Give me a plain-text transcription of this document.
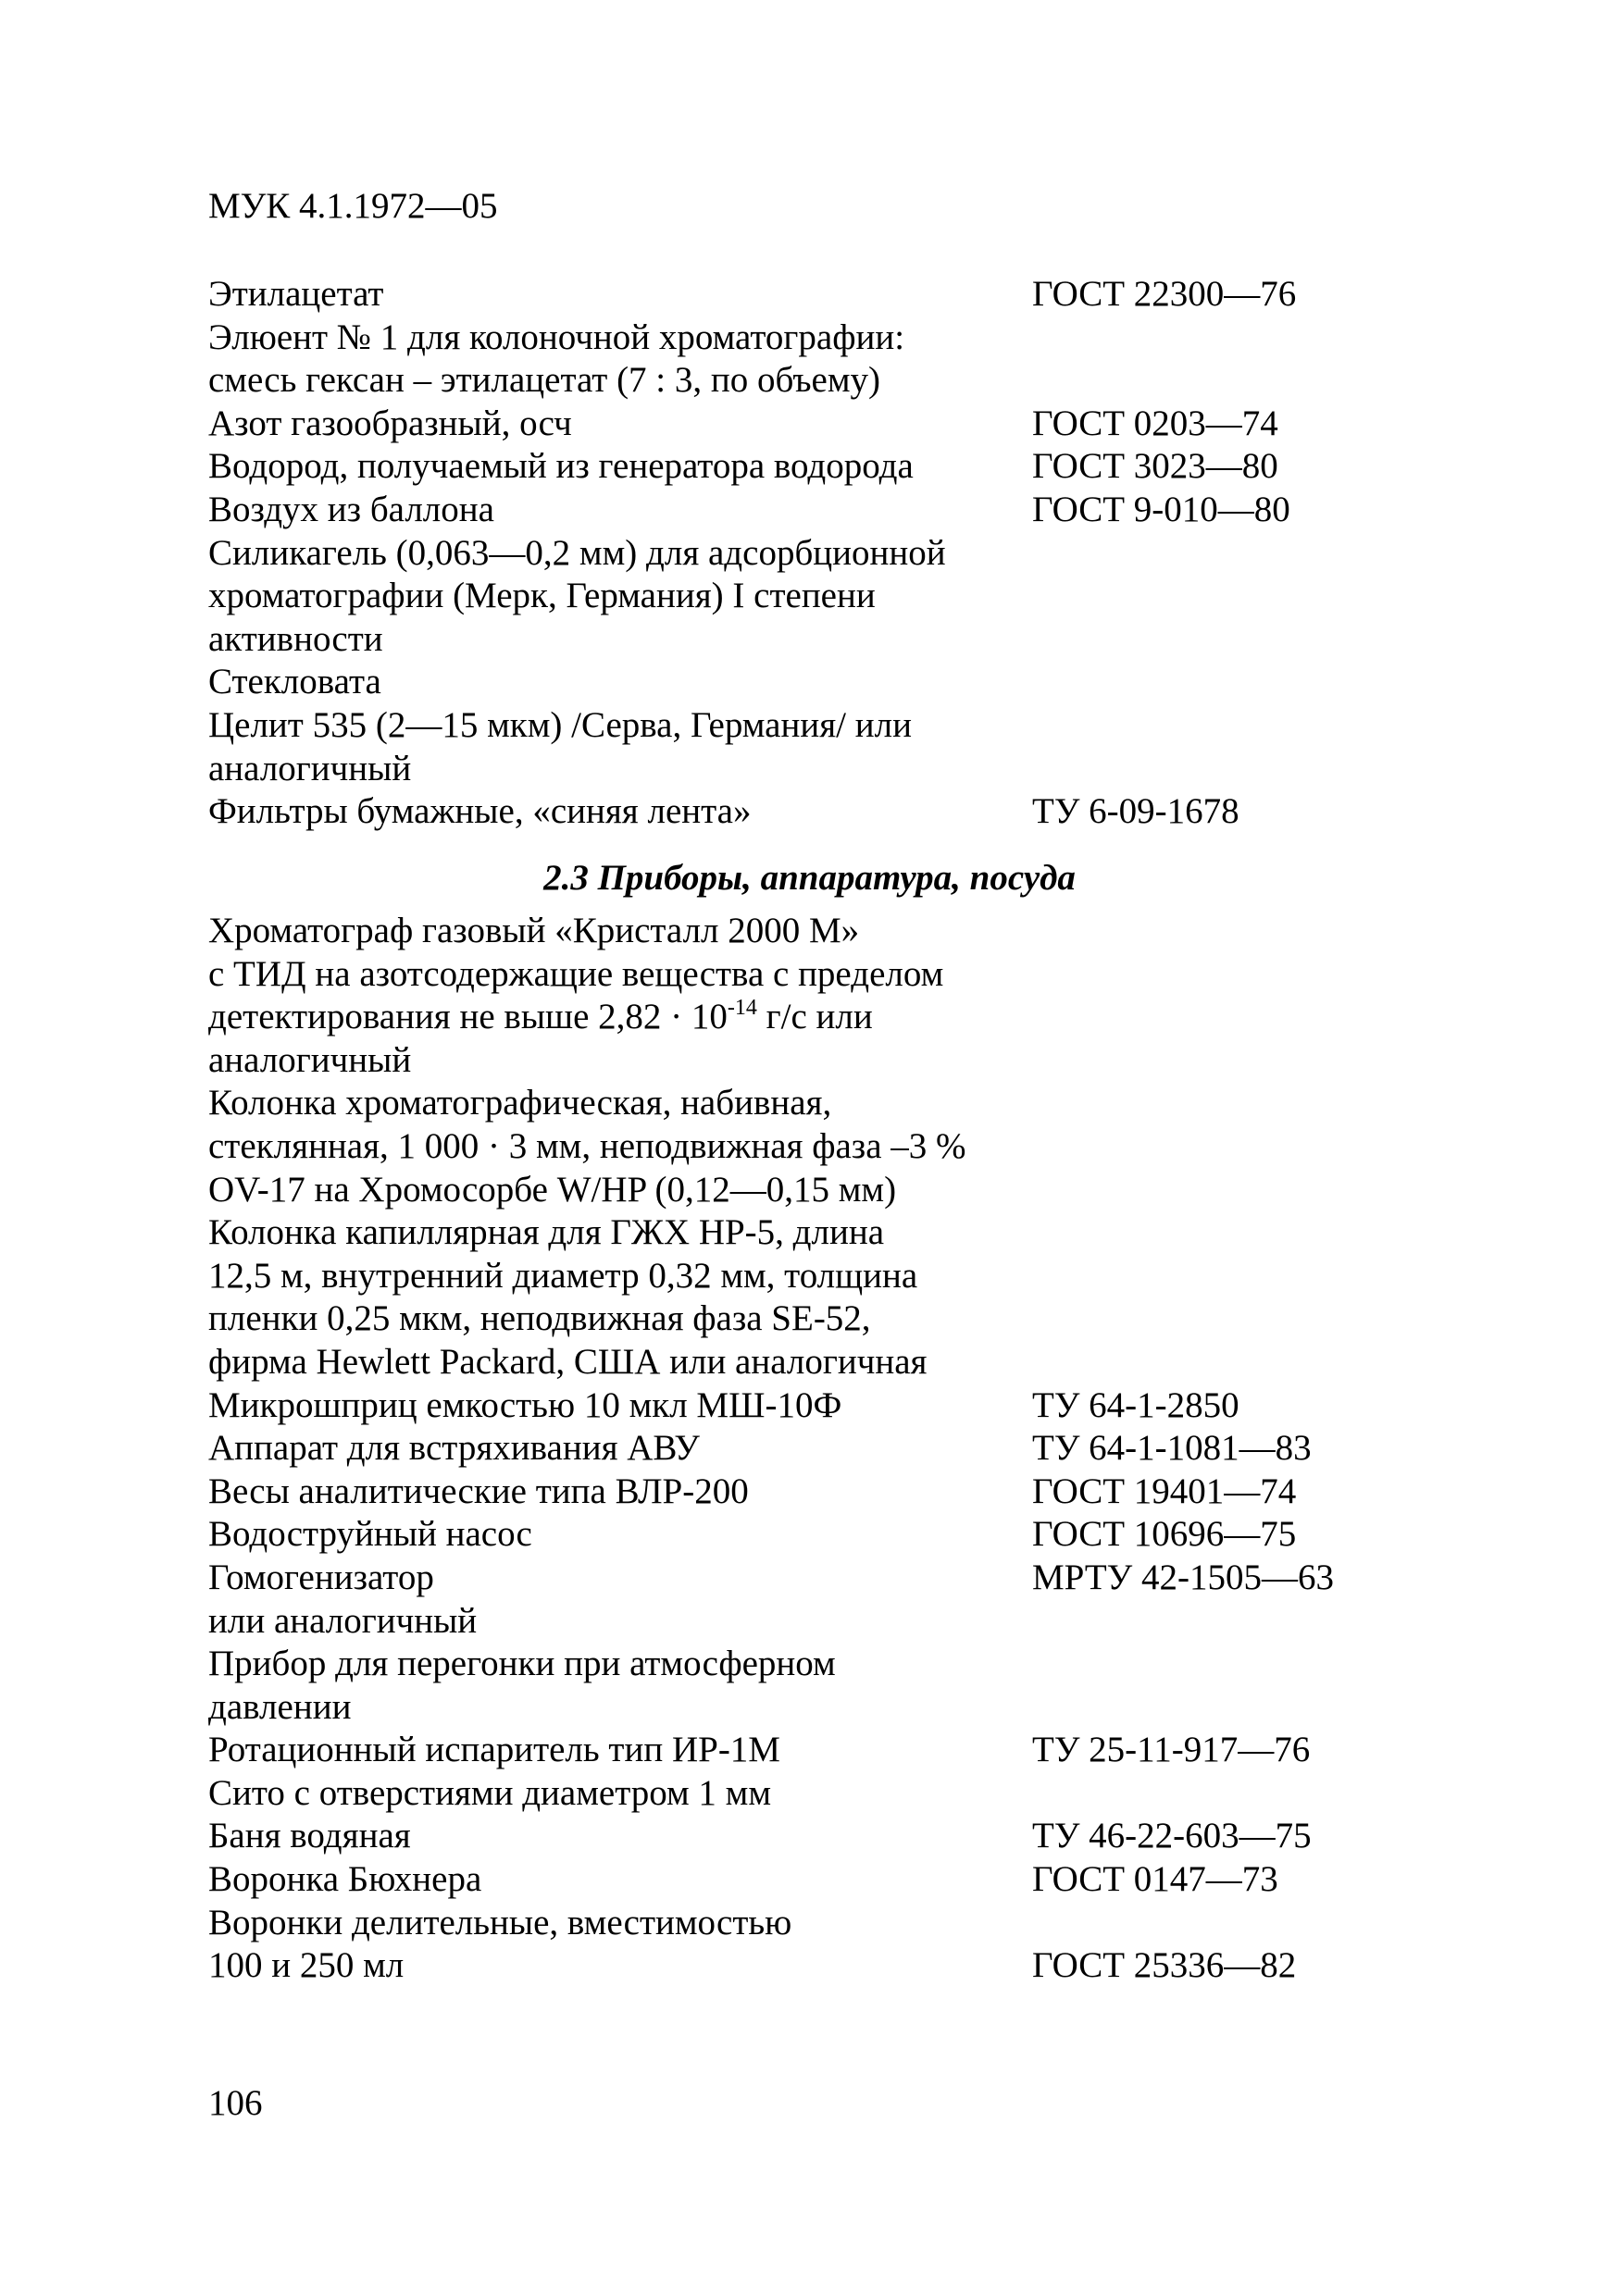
МУК 4.1.1972—05
Этилацетат	ГОСТ 22300—76
Элюент № 1 для колоночной хроматографии:
смесь гексан – этилацетат (7 : 3, по объему)
Азот газообразный, осч	ГОСТ 0203—74
Водород, получаемый из генератора водорода	ГОСТ 3023—80
Воздух из баллона	ГОСТ 9-010—80
Силикагель (0,063—0,2 мм) для адсорбционной
хроматографии (Мерк, Германия) I степени
активности
Стекловата
Целит 535 (2—15 мкм) /Серва, Германия/ или
аналогичный
Фильтры бумажные, «синяя лента»	ТУ 6-09-1678
2.3 Приборы, аппаратура, посуда
Хроматограф газовый «Кристалл 2000 М»
с ТИД на азотсодержащие вещества с пределом
детектирования не выше $2,82 \cdot 10^{-14}$ г/с или
аналогичный
Колонка хроматографическая, набивная,
стеклянная, 1 000 · 3 мм, неподвижная фаза –3 %
OV-17 на Хромосорбе W/HP (0,12—0,15 мм)
Колонка капиллярная для ГЖХ HP-5, длина
12,5 м, внутренний диаметр 0,32 мм, толщина
пленки 0,25 мкм, неподвижная фаза SE-52,
фирма Hewlett Packard, США или аналогичная
Микрошприц емкостью 10 мкл МШ-10Ф	ТУ 64-1-2850
Аппарат для встряхивания АВУ	ТУ 64-1-1081—83
Весы аналитические типа ВЛР-200	ГОСТ 19401—74
Водоструйный насос	ГОСТ 10696—75
Гомогенизатор	МРТУ 42-1505—63
или аналогичный
Прибор для перегонки при атмосферном
давлении
Ротационный испаритель тип ИР-1М	ТУ 25-11-917—76
Сито с отверстиями диаметром 1 мм
Баня водяная	ТУ 46-22-603—75
Воронка Бюхнера	ГОСТ 0147—73
Воронки делительные, вместимостью
100 и 250 мл	ГОСТ 25336—82
106
